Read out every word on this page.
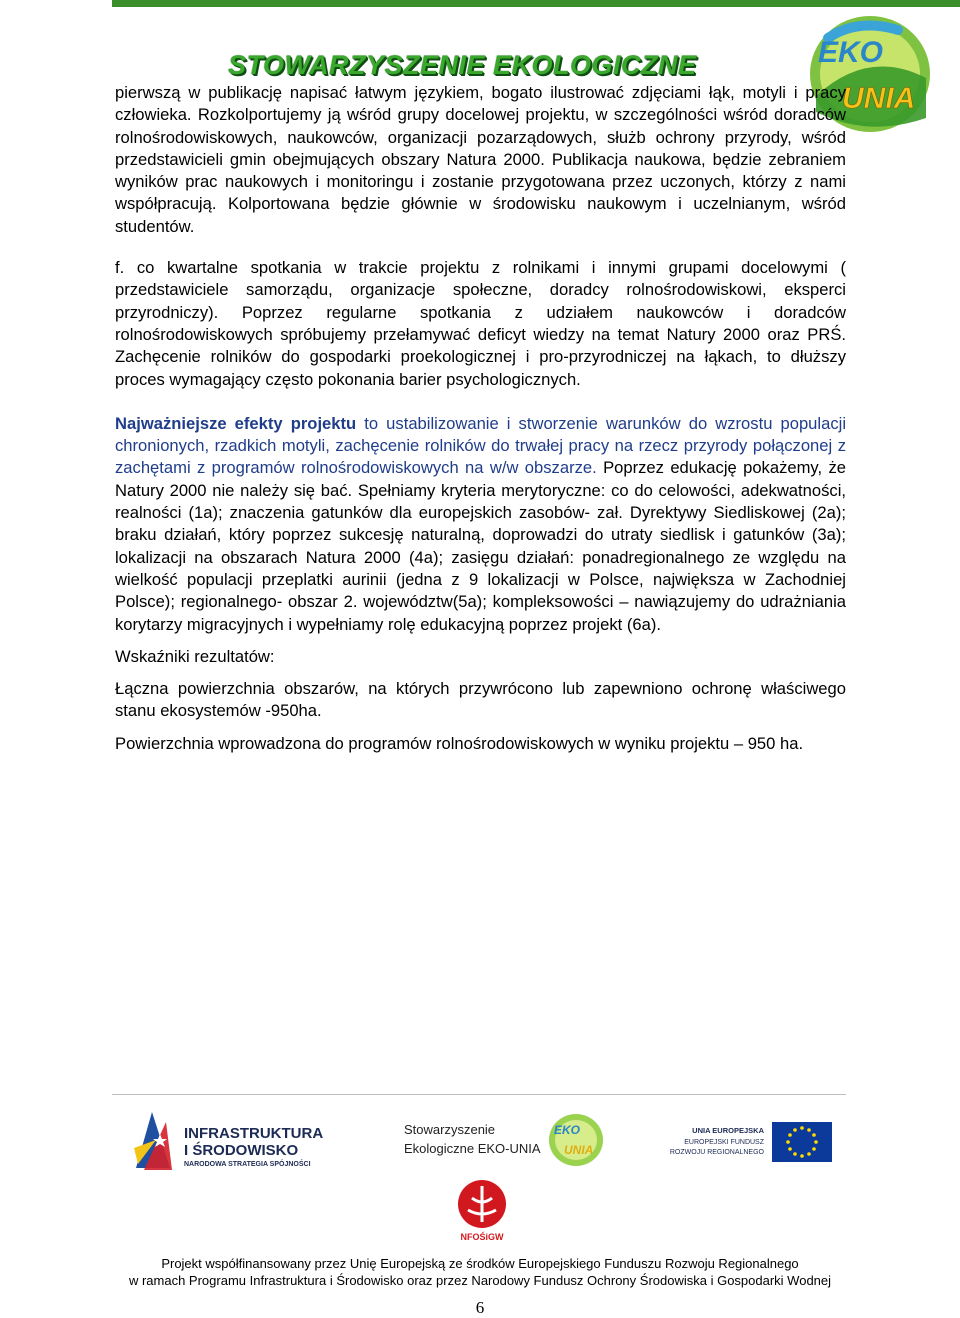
STOWARZYSZENIE EKOLOGICZNE	EKO
UNIA

pierwszą w publikację napisać łatwym językiem, bogato ilustrować zdjęciami łąk, motyli i pracy człowieka. Rozkolportujemy ją wśród grupy docelowej projektu, w szczególności wśród doradców rolnośrodowiskowych, naukowców, organizacji pozarządowych, służb ochrony przyrody, wśród przedstawicieli gmin obejmujących obszary Natura 2000. Publikacja naukowa, będzie zebraniem wyników prac naukowych i monitoringu i zostanie przygotowana przez uczonych, którzy z nami współpracują. Kolportowana będzie głównie w środowisku naukowym i uczelnianym, wśród studentów.

f. co kwartalne spotkania w trakcie projektu z rolnikami i innymi grupami docelowymi ( przedstawiciele samorządu, organizacje społeczne, doradcy rolnośrodowiskowi, eksperci przyrodniczy). Poprzez regularne spotkania z udziałem naukowców i doradców rolnośrodowiskowych spróbujemy przełamywać deficyt wiedzy na temat Natury 2000 oraz PRŚ. Zachęcenie rolników do gospodarki proekologicznej i pro-przyrodniczej na łąkach, to dłuższy proces wymagający często pokonania barier psychologicznych.

Najważniejsze efekty projektu to ustabilizowanie i stworzenie warunków do wzrostu populacji chronionych, rzadkich motyli, zachęcenie rolników do trwałej pracy na rzecz przyrody połączonej z zachętami z programów rolnośrodowiskowych na w/w obszarze. Poprzez edukację pokażemy, że Natury 2000 nie należy się bać. Spełniamy kryteria merytoryczne: co do celowości, adekwatności, realności (1a); znaczenia gatunków dla europejskich zasobów- zał. Dyrektywy Siedliskowej (2a); braku działań, który poprzez sukcesję naturalną, doprowadzi do utraty siedlisk i gatunków (3a); lokalizacji na obszarach Natura 2000 (4a); zasięgu działań: ponadregionalnego ze względu na wielkość populacji przeplatki aurinii (jedna z 9 lokalizacji w Polsce, największa w Zachodniej Polsce); regionalnego- obszar 2. województw(5a); kompleksowości – nawiązujemy do udrażniania korytarzy migracyjnych i wypełniamy rolę edukacyjną poprzez projekt (6a).

Wskaźniki rezultatów:

Łączna powierzchnia obszarów, na których przywrócono lub zapewniono ochronę właściwego stanu ekosystemów -950ha.

Powierzchnia wprowadzona do programów rolnośrodowiskowych w wyniku projektu – 950 ha.

INFRASTRUKTURA
I ŚRODOWISKO
NARODOWA STRATEGIA SPÓJNOŚCI
Stowarzyszenie
Ekologiczne EKO-UNIA
EKO
UNIA
UNIA EUROPEJSKA
EUROPEJSKI FUNDUSZ
ROZWOJU REGIONALNEGO
NFOŚiGW
Projekt współfinansowany przez Unię Europejską ze środków Europejskiego Funduszu Rozwoju Regionalnego
w ramach Programu Infrastruktura i Środowisko oraz przez Narodowy Fundusz Ochrony Środowiska i Gospodarki Wodnej
6
